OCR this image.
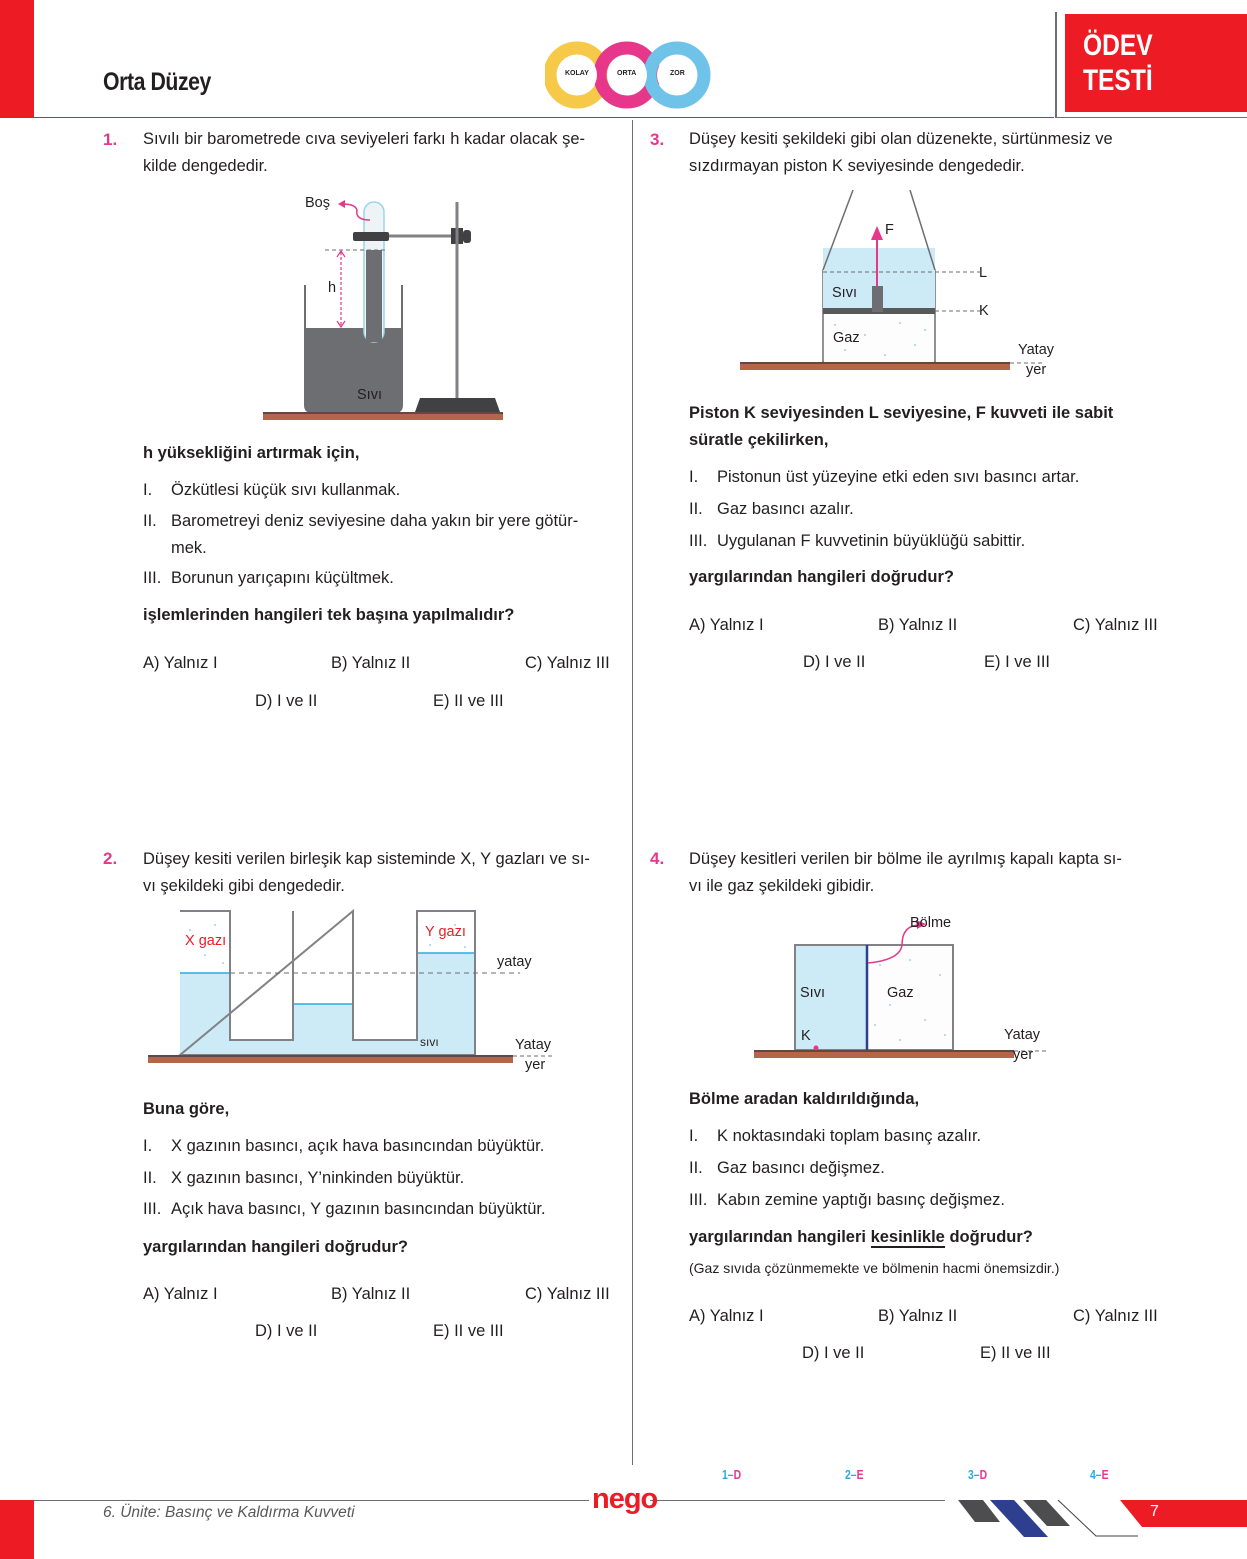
Orta Düzey	KOLAY	ORTA	ZOR
ÖDEV
TESTİ
1. Sıvılı bir barometrede cıva seviyeleri farkı h kadar olacak şe-
kilde dengededir.
Boş
h
Sıvı
h yüksekliğini artırmak için,
I. Özkütlesi küçük sıvı kullanmak.
II. Barometreyi deniz seviyesine daha yakın bir yere götür-
mek.
III. Borunun yarıçapını küçültmek.
işlemlerinden hangileri tek başına yapılmalıdır?
A) Yalnız I	B) Yalnız II	C) Yalnız III
D) I ve II	E) II ve III
3. Düşey kesiti şekildeki gibi olan düzenekte, sürtünmesiz ve
sızdırmayan piston K seviyesinde dengededir.
F
L
K
Sıvı
Gaz
Yatay
yer
Piston K seviyesinden L seviyesine, F kuvveti ile sabit
süratle çekilirken,
I. Pistonun üst yüzeyine etki eden sıvı basıncı artar.
II. Gaz basıncı azalır.
III. Uygulanan F kuvvetinin büyüklüğü sabittir.
yargılarından hangileri doğrudur?
A) Yalnız I	B) Yalnız II	C) Yalnız III
D) I ve II	E) I ve III
2. Düşey kesiti verilen birleşik kap sisteminde X, Y gazları ve sı-
vı şekildeki gibi dengededir.
X gazı
Y gazı
yatay
sıvı	Yatay
yer
Buna göre,
I. X gazının basıncı, açık hava basıncından büyüktür.
II. X gazının basıncı, Y’ninkinden büyüktür.
III. Açık hava basıncı, Y gazının basıncından büyüktür.
yargılarından hangileri doğrudur?
A) Yalnız I	B) Yalnız II	C) Yalnız III
D) I ve II	E) II ve III
4. Düşey kesitleri verilen bir bölme ile ayrılmış kapalı kapta sı-
vı ile gaz şekildeki gibidir.
Bölme
Sıvı	Gaz
K	Yatay
yer
Bölme aradan kaldırıldığında,
I. K noktasındaki toplam basınç azalır.
II. Gaz basıncı değişmez.
III. Kabın zemine yaptığı basınç değişmez.
yargılarından hangileri kesinlikle doğrudur?
(Gaz sıvıda çözünmemekte ve bölmenin hacmi önemsizdir.)
A) Yalnız I	B) Yalnız II	C) Yalnız III
D) I ve II	E) II ve III
1–D	2–E	3–D	4–E
6. Ünite: Basınç ve Kaldırma Kuvveti	nego	7
